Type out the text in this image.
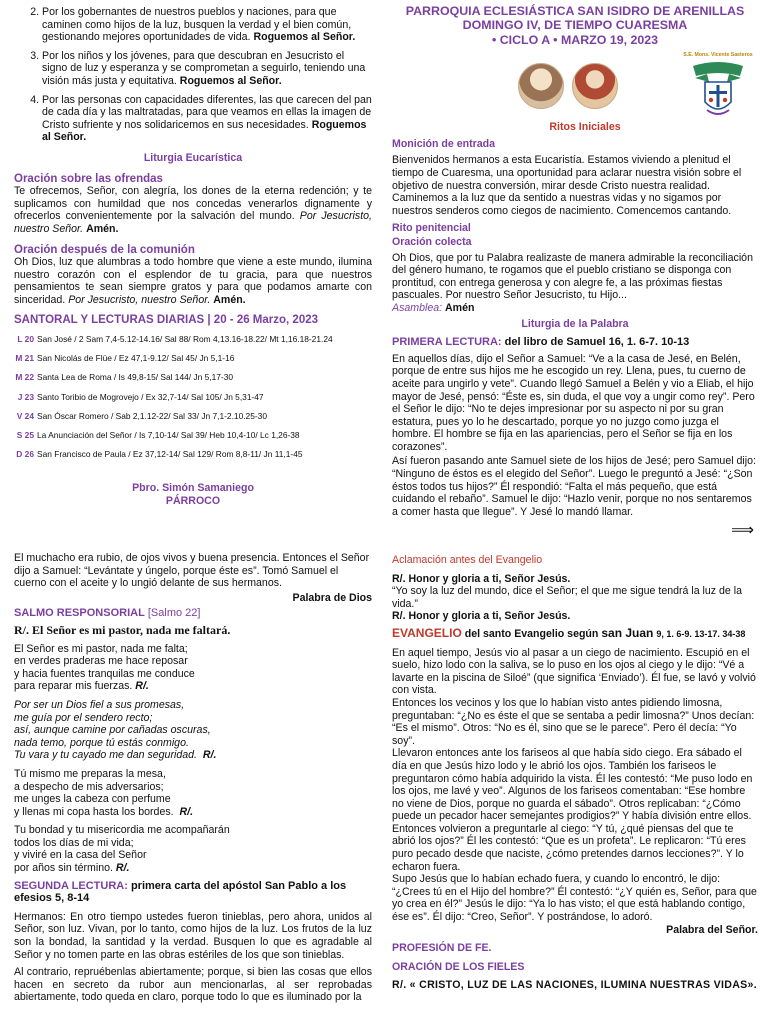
2. Por los gobernantes de nuestros pueblos y naciones, para que caminen como hijos de la luz, busquen la verdad y el bien común, gestionando mejores oportunidades de vida. Roguemos al Señor.
3. Por los niños y los jóvenes, para que descubran en Jesucristo el signo de luz y esperanza y se comprometan a seguirlo, teniendo una visión más justa y equitativa. Roguemos al Señor.
4. Por las personas con capacidades diferentes, las que carecen del pan de cada día y las maltratadas, para que veamos en ellas la imagen de Cristo sufriente y nos solidaricemos en sus necesidades. Roguemos al Señor.

Liturgia Eucarística

Oración sobre las ofrendas

Te ofrecemos, Señor, con alegría, los dones de la eterna redención; y te suplicamos con humildad que nos concedas venerarlos dignamente y ofrecerlos convenientemente por la salvación del mundo. Por Jesucristo, nuestro Señor. Amén.

Oración después de la comunión

Oh Dios, luz que alumbras a todo hombre que viene a este mundo, ilumina nuestro corazón con el esplendor de tu gracia, para que nuestros pensamientos te sean siempre gratos y para que podamos amarte con sinceridad. Por Jesucristo, nuestro Señor. Amén.

SANTORAL Y LECTURAS DIARIAS | 20 - 26 Marzo, 2023

L 20 San José / 2 Sam 7,4-5.12-14.16/ Sal 88/ Rom 4,13.16-18.22/ Mt 1,16.18-21.24
M 21 San Nicolás de Flüe / Ez 47,1-9.12/ Sal 45/ Jn 5,1-16
M 22 Santa Lea de Roma / Is 49,8-15/ Sal 144/ Jn 5,17-30
J 23 Santo Toribio de Mogrovejo / Ex 32,7-14/ Sal 105/ Jn 5,31-47
V 24 San Óscar Romero / Sab 2,1.12-22/ Sal 33/ Jn 7,1-2.10.25-30
S 25 La Anunciación del Señor / Is 7,10-14/ Sal 39/ Heb 10,4-10/ Lc 1,26-38
D 26 San Francisco de Paula / Ez 37,12-14/ Sal 129/ Rom 8,8-11/ Jn 11,1-45

Pbro. Simón Samaniego

PÁRROCO

PARROQUIA ECLESIÁSTICA SAN ISIDRO DE ARENILLAS

DOMINGO IV, DE TIEMPO CUARESMA

• CICLO A • MARZO 19, 2023

S.E. Mons. Vicente Saeteros

Ritos Iniciales

Monición de entrada

Bienvenidos hermanos a esta Eucaristía. Estamos viviendo a plenitud el tiempo de Cuaresma, una oportunidad para aclarar nuestra visión sobre el objetivo de nuestra conversión, mirar desde Cristo nuestra realidad. Caminemos a la luz que da sentido a nuestras vidas y no sigamos por nuestros senderos como ciegos de nacimiento. Comencemos cantando.

Rito penitencial

Oración colecta

Oh Dios, que por tu Palabra realizaste de manera admirable la reconciliación del género humano, te rogamos que el pueblo cristiano se disponga con prontitud, con entrega generosa y con alegre fe, a las próximas fiestas pascuales. Por nuestro Señor Jesucristo, tu Hijo...

Asamblea: Amén

Liturgia de la Palabra

PRIMERA LECTURA: del libro de Samuel 16, 1. 6-7. 10-13

En aquellos días, dijo el Señor a Samuel: “Ve a la casa de Jesé, en Belén, porque de entre sus hijos me he escogido un rey. Llena, pues, tu cuerno de aceite para ungirlo y vete”. Cuando llegó Samuel a Belén y vio a Eliab, el hijo mayor de Jesé, pensó: “Éste es, sin duda, el que voy a ungir como rey”. Pero el Señor le dijo: “No te dejes impresionar por su aspecto ni por su gran estatura, pues yo lo he descartado, porque yo no juzgo como juzga el hombre. El hombre se fija en las apariencias, pero el Señor se fija en los corazones”.

Así fueron pasando ante Samuel siete de los hijos de Jesé; pero Samuel dijo: “Ninguno de éstos es el elegido del Señor”. Luego le preguntó a Jesé: “¿Son éstos todos tus hijos?” Él respondió: “Falta el más pequeño, que está cuidando el rebaño”. Samuel le dijo: “Hazlo venir, porque no nos sentaremos a comer hasta que llegue”. Y Jesé lo mandó llamar.

⟹

El muchacho era rubio, de ojos vivos y buena presencia. Entonces el Señor dijo a Samuel: “Levántate y úngelo, porque éste es”. Tomó Samuel el cuerno con el aceite y lo ungió delante de sus hermanos.

Palabra de Dios

SALMO RESPONSORIAL [Salmo 22]

R/. El Señor es mi pastor, nada me faltará.

El Señor es mi pastor, nada me falta;
en verdes praderas me hace reposar
y hacia fuentes tranquilas me conduce
para reparar mis fuerzas. R/.
Por ser un Dios fiel a sus promesas,
me guía por el sendero recto;
así, aunque camine por cañadas oscuras,
nada temo, porque tú estás conmigo.
Tu vara y tu cayado me dan seguridad. R/.
Tú mismo me preparas la mesa,
a despecho de mis adversarios;
me unges la cabeza con perfume
y llenas mi copa hasta los bordes. R/.
Tu bondad y tu misericordia me acompañarán
todos los días de mi vida;
y viviré en la casa del Señor
por años sin término. R/.

SEGUNDA LECTURA: primera carta del apóstol San Pablo a los efesios 5, 8-14

Hermanos: En otro tiempo ustedes fueron tinieblas, pero ahora, unidos al Señor, son luz. Vivan, por lo tanto, como hijos de la luz. Los frutos de la luz son la bondad, la santidad y la verdad. Busquen lo que es agradable al Señor y no tomen parte en las obras estériles de los que son tinieblas.

Al contrario, repruébenlas abiertamente; porque, si bien las cosas que ellos hacen en secreto da rubor aun mencionarlas, al ser reprobadas abiertamente, todo queda en claro, porque todo lo que es iluminado por la

Aclamación antes del Evangelio

R/. Honor y gloria a ti, Señor Jesús.

“Yo soy la luz del mundo, dice el Señor; el que me sigue tendrá la luz de la vida.”

R/. Honor y gloria a ti, Señor Jesús.

EVANGELIO del santo Evangelio según san Juan 9, 1. 6-9. 13-17. 34-38

En aquel tiempo, Jesús vio al pasar a un ciego de nacimiento. Escupió en el suelo, hizo lodo con la saliva, se lo puso en los ojos al ciego y le dijo: “Vé a lavarte en la piscina de Siloé” (que significa ‘Enviado’). Él fue, se lavó y volvió con vista.

Entonces los vecinos y los que lo habían visto antes pidiendo limosna, preguntaban: “¿No es éste el que se sentaba a pedir limosna?” Unos decían: “Es el mismo”. Otros: “No es él, sino que se le parece”. Pero él decía: “Yo soy”.

Llevaron entonces ante los fariseos al que había sido ciego. Era sábado el día en que Jesús hizo lodo y le abrió los ojos. También los fariseos le preguntaron cómo había adquirido la vista. Él les contestó: “Me puso lodo en los ojos, me lavé y veo”. Algunos de los fariseos comentaban: “Ese hombre no viene de Dios, porque no guarda el sábado”. Otros replicaban: “¿Cómo puede un pecador hacer semejantes prodigios?” Y había división entre ellos. Entonces volvieron a preguntarle al ciego: “Y tú, ¿qué piensas del que te abrió los ojos?” Él les contestó: “Que es un profeta”. Le replicaron: “Tú eres puro pecado desde que naciste, ¿cómo pretendes darnos lecciones?”. Y lo echaron fuera.

Supo Jesús que lo habían echado fuera, y cuando lo encontró, le dijo: “¿Crees tú en el Hijo del hombre?” Él contestó: “¿Y quién es, Señor, para que yo crea en él?” Jesús le dijo: “Ya lo has visto; el que está hablando contigo, ése es”. Él dijo: “Creo, Señor”. Y postrándose, lo adoró.

Palabra del Señor.

PROFESIÓN DE FE.

ORACIÓN DE LOS FIELES

R/. « CRISTO, LUZ DE LAS NACIONES, ILUMINA NUESTRAS VIDAS».
